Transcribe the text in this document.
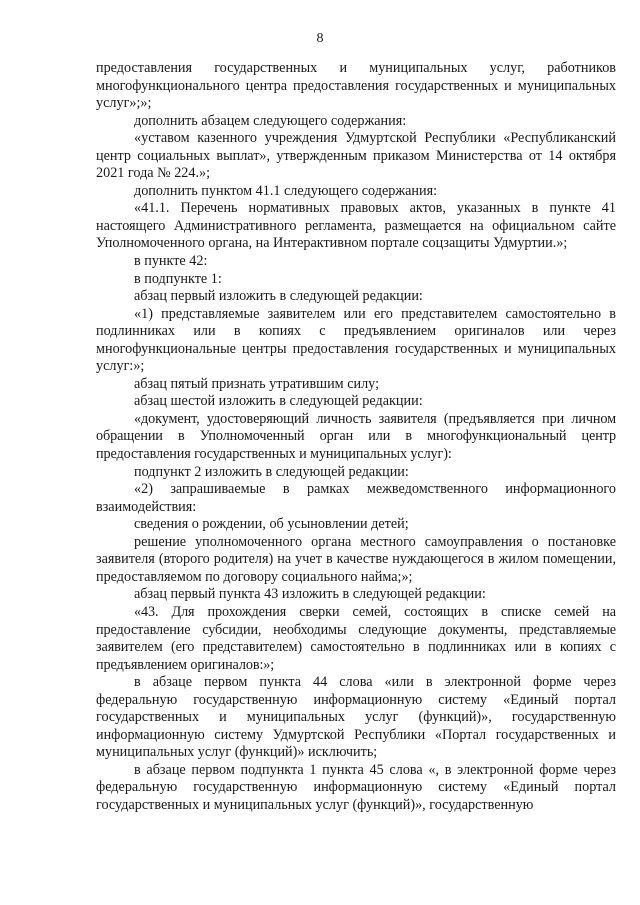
8

предоставления государственных и муниципальных услуг, работников многофункционального центра предоставления государственных и муниципальных услуг»;»;

дополнить абзацем следующего содержания:

«уставом казенного учреждения Удмуртской Республики «Республиканский центр социальных выплат», утвержденным приказом Министерства от 14 октября 2021 года № 224.»;

дополнить пунктом 41.1 следующего содержания:

«41.1. Перечень нормативных правовых актов, указанных в пункте 41 настоящего Административного регламента, размещается на официальном сайте Уполномоченного органа, на Интерактивном портале соцзащиты Удмуртии.»;

в пункте 42:

в подпункте 1:

абзац первый изложить в следующей редакции:

«1) представляемые заявителем или его представителем самостоятельно в подлинниках или в копиях с предъявлением оригиналов или через многофункциональные центры предоставления государственных и муниципальных услуг:»;

абзац пятый признать утратившим силу;

абзац шестой изложить в следующей редакции:

«документ, удостоверяющий личность заявителя (предъявляется при личном обращении в Уполномоченный орган или в многофункциональный центр предоставления государственных и муниципальных услуг):

подпункт 2 изложить в следующей редакции:

«2) запрашиваемые в рамках межведомственного информационного взаимодействия:

сведения о рождении, об усыновлении детей;

решение уполномоченного органа местного самоуправления о постановке заявителя (второго родителя) на учет в качестве нуждающегося в жилом помещении, предоставляемом по договору социального найма;»;

абзац первый пункта 43 изложить в следующей редакции:

«43. Для прохождения сверки семей, состоящих в списке семей на предоставление субсидии, необходимы следующие документы, представляемые заявителем (его представителем) самостоятельно в подлинниках или в копиях с предъявлением оригиналов:»;

в абзаце первом пункта 44 слова «или в электронной форме через федеральную государственную информационную систему «Единый портал государственных и муниципальных услуг (функций)», государственную информационную систему Удмуртской Республики «Портал государственных и муниципальных услуг (функций)» исключить;

в абзаце первом подпункта 1 пункта 45 слова «, в электронной форме через федеральную государственную информационную систему «Единый портал государственных и муниципальных услуг (функций)», государственную
